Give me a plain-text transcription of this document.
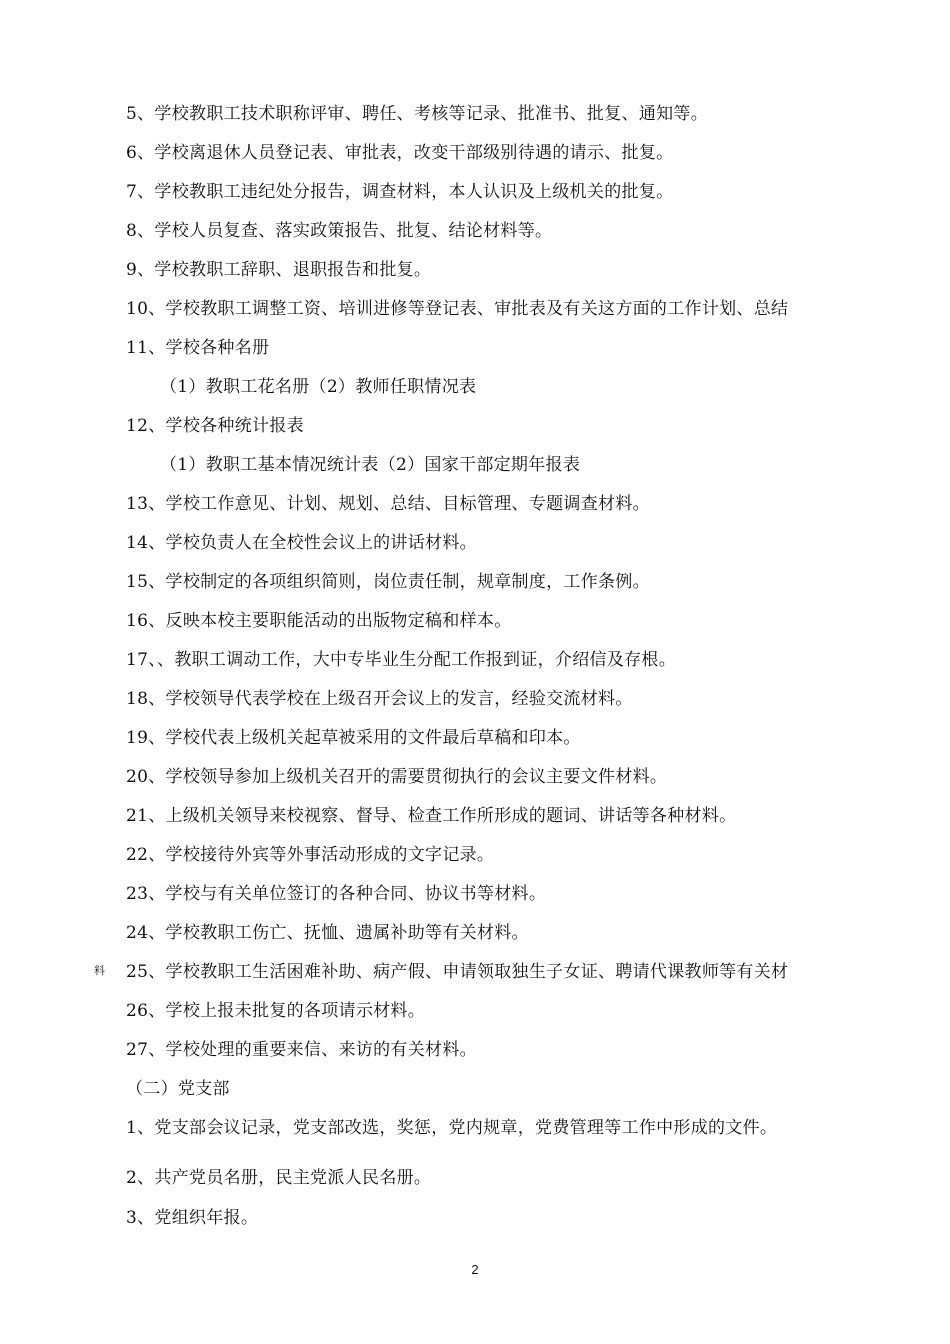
5、学校教职工技术职称评审、聘任、考核等记录、批准书、批复、通知等。
6、学校离退休人员登记表、审批表，改变干部级别待遇的请示、批复。
7、学校教职工违纪处分报告，调查材料，本人认识及上级机关的批复。
8、学校人员复查、落实政策报告、批复、结论材料等。
9、学校教职工辞职、退职报告和批复。
10、学校教职工调整工资、培训进修等登记表、审批表及有关这方面的工作计划、总结
11、学校各种名册
（1）教职工花名册（2）教师任职情况表
12、学校各种统计报表
（1）教职工基本情况统计表（2）国家干部定期年报表
13、学校工作意见、计划、规划、总结、目标管理、专题调查材料。
14、学校负责人在全校性会议上的讲话材料。
15、学校制定的各项组织简则，岗位责任制，规章制度，工作条例。
16、反映本校主要职能活动的出版物定稿和样本。
17、、教职工调动工作，大中专毕业生分配工作报到证，介绍信及存根。
18、学校领导代表学校在上级召开会议上的发言，经验交流材料。
19、学校代表上级机关起草被采用的文件最后草稿和印本。
20、学校领导参加上级机关召开的需要贯彻执行的会议主要文件材料。
21、上级机关领导来校视察、督导、检查工作所形成的题词、讲话等各种材料。
22、学校接待外宾等外事活动形成的文字记录。
23、学校与有关单位签订的各种合同、协议书等材料。
24、学校教职工伤亡、抚恤、遗属补助等有关材料。
料 25、学校教职工生活困难补助、病产假、申请领取独生子女证、聘请代课教师等有关材
26、学校上报未批复的各项请示材料。
27、学校处理的重要来信、来访的有关材料。
（二）党支部
1、党支部会议记录，党支部改选，奖惩，党内规章，党费管理等工作中形成的文件。
2、共产党员名册，民主党派人民名册。
3、党组织年报。
2
